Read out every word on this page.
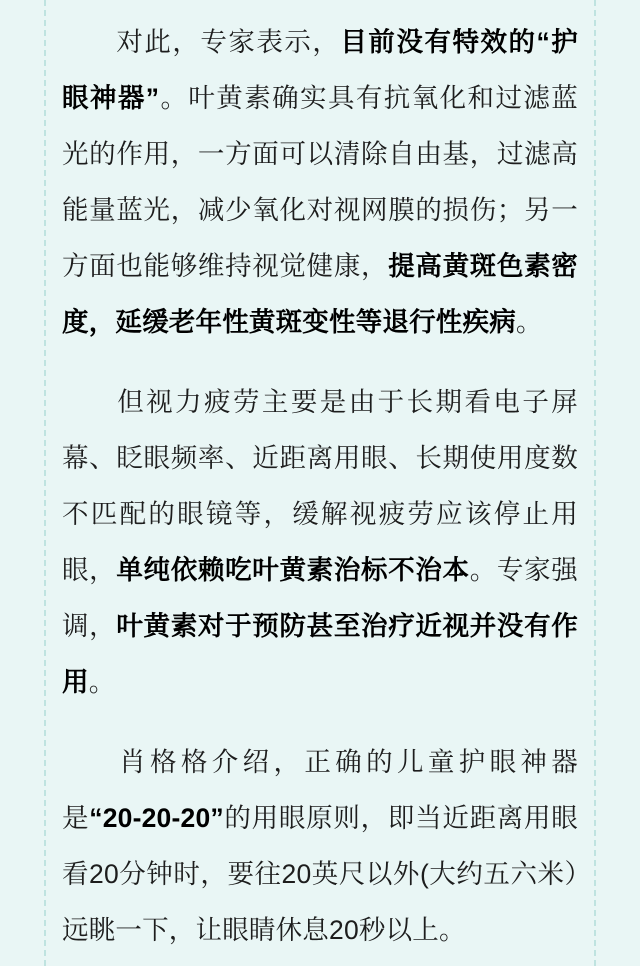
对此，专家表示，目前没有特效的“护眼神器”。叶黄素确实具有抗氧化和过滤蓝光的作用，一方面可以清除自由基，过滤高能量蓝光，减少氧化对视网膜的损伤；另一方面也能够维持视觉健康，提高黄斑色素密度，延缓老年性黄斑变性等退行性疾病。

但视力疲劳主要是由于长期看电子屏幕、眨眼频率、近距离用眼、长期使用度数不匹配的眼镜等，缓解视疲劳应该停止用眼，单纯依赖吃叶黄素治标不治本。专家强调，叶黄素对于预防甚至治疗近视并没有作用。

肖格格介绍，正确的儿童护眼神器是“20-20-20”的用眼原则，即当近距离用眼看20分钟时，要往20英尺以外(大约五六米）远眺一下，让眼睛休息20秒以上。
